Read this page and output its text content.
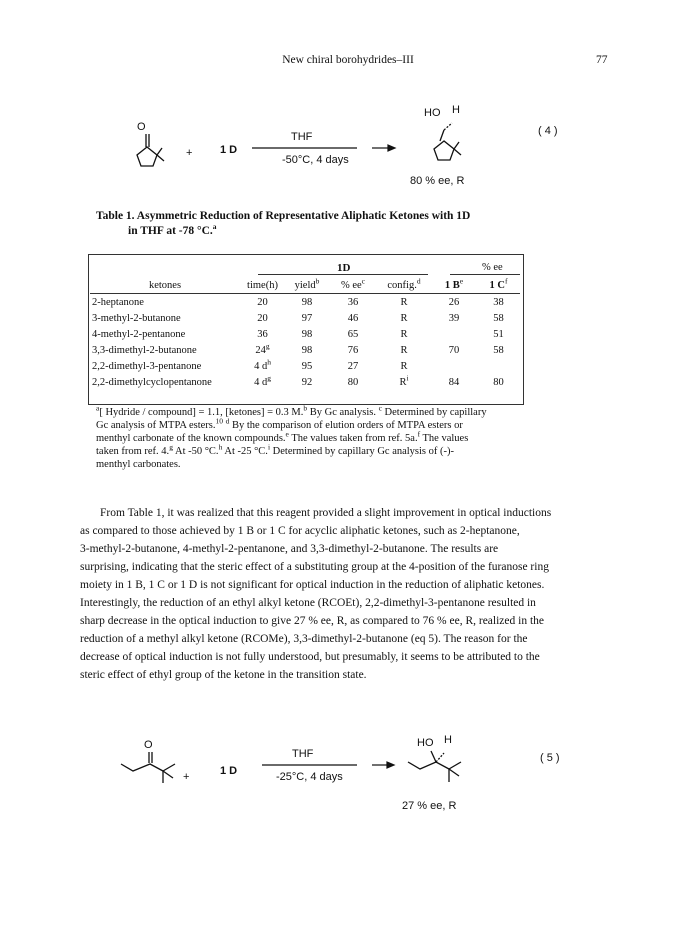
New chiral borohydrides–III	77
O
+	1 D
THF
-50°C, 4 days
HO H
( 4 )
80 % ee, R
Table 1. Asymmetric Reduction of Representative Aliphatic Ketones with 1D
in THF at -78 °C.$^a$
1D	% ee
ketones	time(h)	yield$^b$	% $ee^c$	config.$^d$	1 $B^e$	1 $C^f$
2-heptanone	20	98	36	R	26	38
3-methyl-2-butanone	20	97	46	R	39	58
4-methyl-2-pentanone	36	98	65	R		51
3,3-dimethyl-2-butanone	24$^g$	98	76	R	70	58
2,2-dimethyl-3-pentanone	4 $d^h$	95	27	R		
2,2-dimethylcyclopentanone	4 $d^g$	92	80	$R^i$	84	80
$^a$[ Hydride / compound] = 1.1, [ketones] = 0.3 M.$^b$ By Gc analysis. $^c$ Determined by capillary
Gc analysis of MTPA esters.$^{10}$ $^d$ By the comparison of elution orders of MTPA esters or
menthyl carbonate of the known compounds.$^e$ The values taken from ref. 5a.$^f$ The values
taken from ref. 4.$^g$ At -50 °C.$^h$ At -25 °C.$^i$ Determined by capillary Gc analysis of (-)-
menthyl carbonates.
From Table 1, it was realized that this reagent provided a slight improvement in optical inductions
as compared to those achieved by 1 B or 1 C for acyclic aliphatic ketones, such as 2-heptanone,
3-methyl-2-butanone, 4-methyl-2-pentanone, and 3,3-dimethyl-2-butanone. The results are
surprising, indicating that the steric effect of a substituting group at the 4-position of the furanose ring
moiety in 1 B, 1 C or 1 D is not significant for optical induction in the reduction of aliphatic ketones.
Interestingly, the reduction of an ethyl alkyl ketone (RCOEt), 2,2-dimethyl-3-pentanone resulted in
sharp decrease in the optical induction to give 27 % ee, R, as compared to 76 % ee, R, realized in the
reduction of a methyl alkyl ketone (RCOMe), 3,3-dimethyl-2-butanone (eq 5). The reason for the
decrease of optical induction is not fully understood, but presumably, it seems to be attributed to the
steric effect of ethyl group of the ketone in the transition state.
O
+	1 D
THF
-25°C, 4 days
HO H
( 5 )
27 % ee, R
